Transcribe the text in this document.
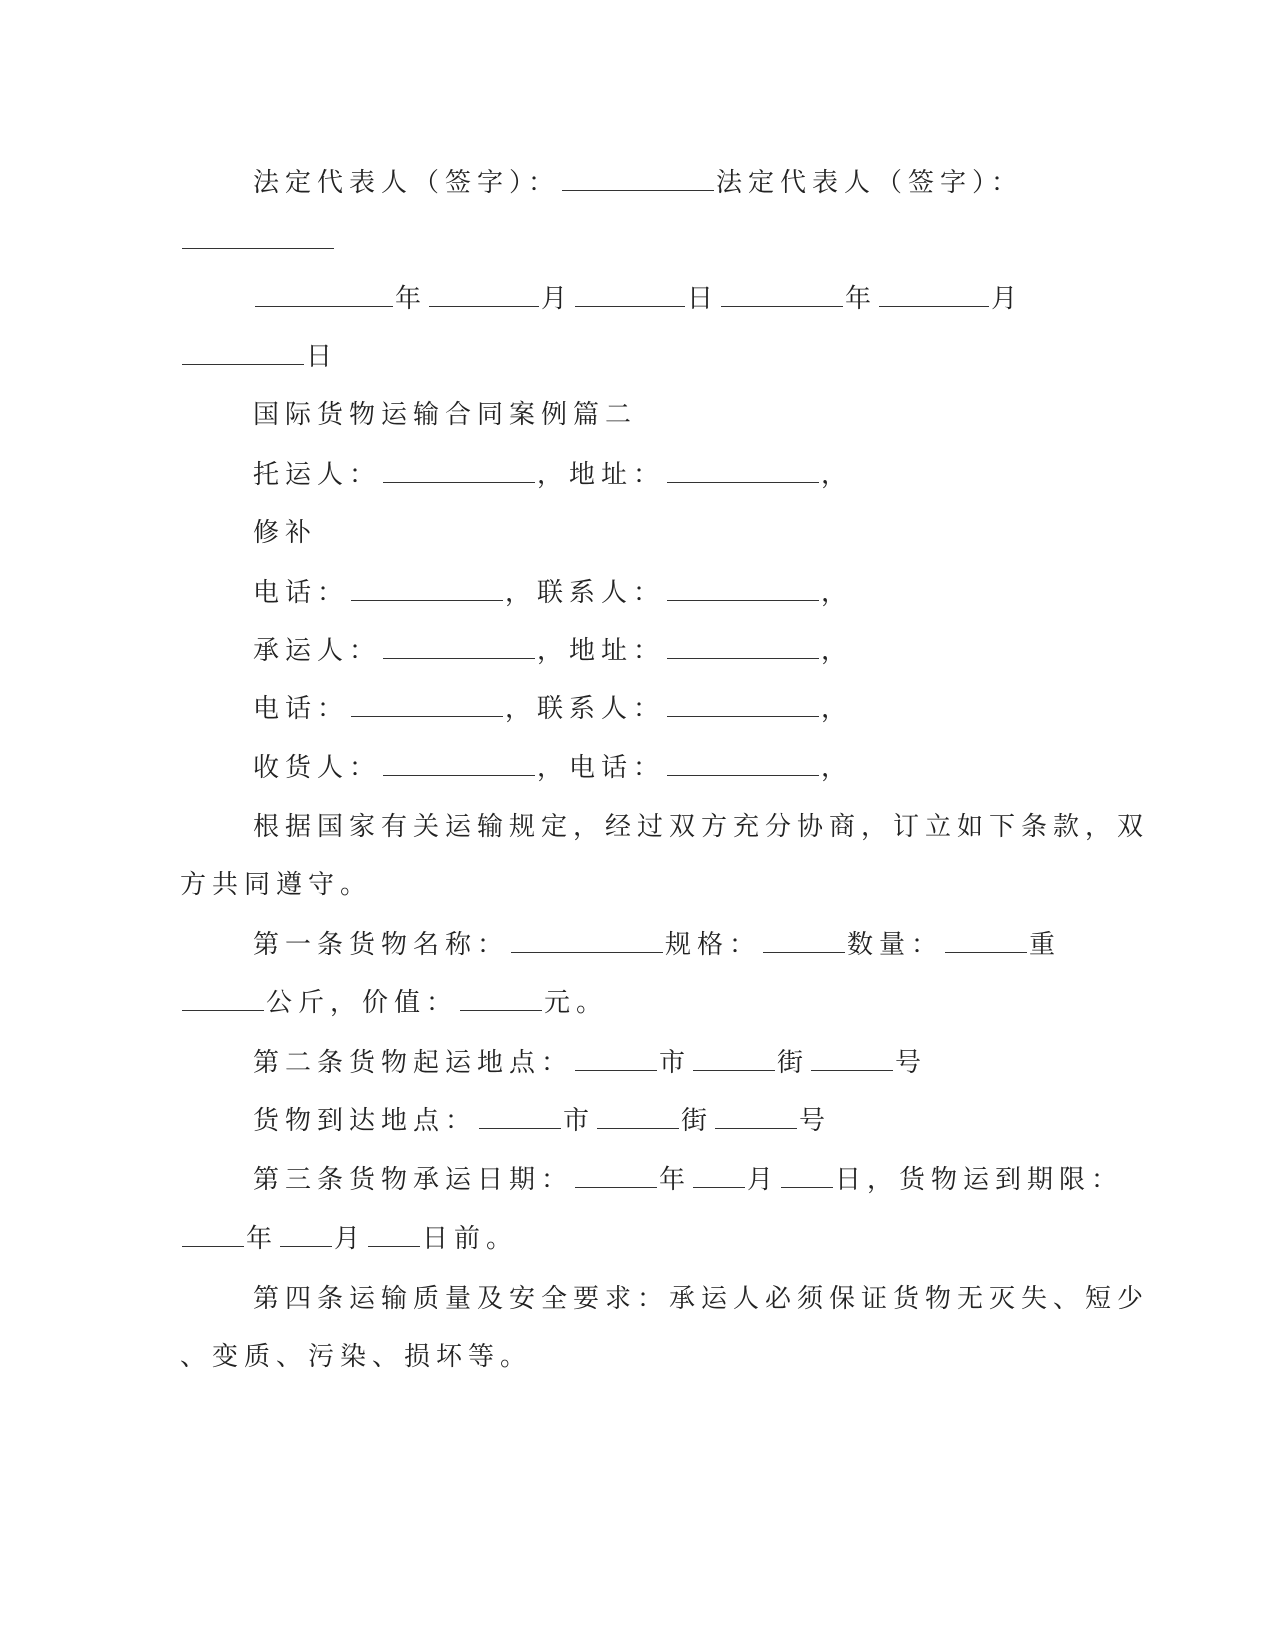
法定代表人（签字）：	法定代表人（签字）：
年	月	日	年	月
日
国际货物运输合同案例篇二
托运人：	，地址：	，
修补
电话：	，联系人：	，
承运人：	，地址：	，
电话：	，联系人：	，
收货人：	，电话：	，
根据国家有关运输规定，经过双方充分协商，订立如下条款，双
方共同遵守。
第一条货物名称：	规格：	数量：	重
公斤，价值：	元。
第二条货物起运地点：	市	街	号
货物到达地点：	市	街	号
第三条货物承运日期：	年 月 日，货物运到期限：
年 月 日前。
第四条运输质量及安全要求：承运人必须保证货物无灭失、短少
、变质、污染、损坏等。
